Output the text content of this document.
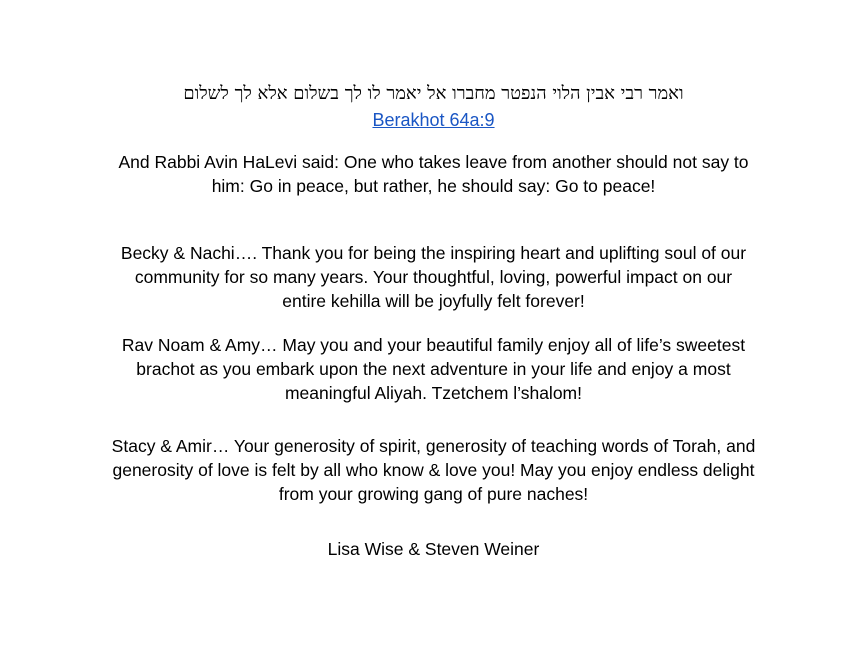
ואמר רבי אבין הלוי הנפטר מחברו אל יאמר לו לך בשלום אלא לך לשלום
Berakhot 64a:9
And Rabbi Avin HaLevi said: One who takes leave from another should not say to
him: Go in peace, but rather, he should say: Go to peace!
Becky & Nachi…. Thank you for being the inspiring heart and uplifting soul of our
community for so many years. Your thoughtful, loving, powerful impact on our
entire kehilla will be joyfully felt forever!
Rav Noam & Amy… May you and your beautiful family enjoy all of life’s sweetest
brachot as you embark upon the next adventure in your life and enjoy a most
meaningful Aliyah. Tzetchem l’shalom!
Stacy & Amir… Your generosity of spirit, generosity of teaching words of Torah, and
generosity of love is felt by all who know & love you! May you enjoy endless delight
from your growing gang of pure naches!
Lisa Wise & Steven Weiner
